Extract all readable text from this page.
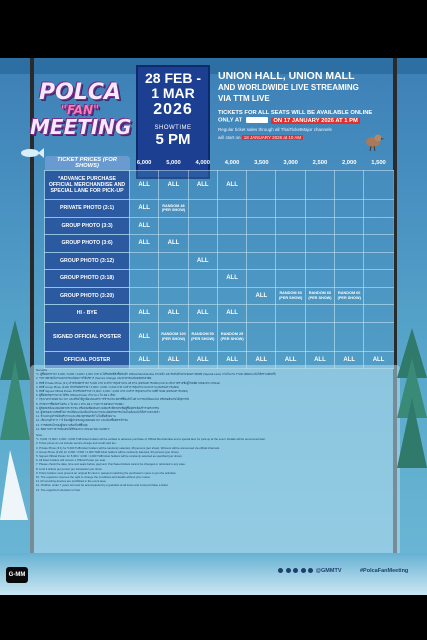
POLCA
"FAN"
MEETING
28 FEB -
1 MAR
2026
SHOWTIME
5 PM
UNION HALL, UNION MALL
AND WORLDWIDE LIVE STREAMING
VIA TTM LIVE
TICKETS FOR ALL SEATS WILL BE AVAILABLE ONLINE
ONLY AT	ON 17 JANUARY 2026 AT 1 PM
Regular ticket sales through all ThaiTicketMajor channels
will start on 18 JANUARY 2026 at 10 AM
TICKET PRICES (FOR SHOWS)	6,000	5,000	4,000	4,000	3,500	3,000	2,500	2,000	1,500
*ADVANCE PURCHASE OFFICIAL MERCHANDISE AND SPECIAL LANE FOR PICK-UP	ALL	ALL	ALL	ALL					
PRIVATE PHOTO (3:1)	ALL	RANDOM 48 (PER SHOW)							

GROUP PHOTO (3:3)	ALL								
GROUP PHOTO (3:6)	ALL	ALL							
GROUP PHOTO (3:12)			ALL						
GROUP PHOTO (3:18)				ALL					
GROUP PHOTO (3:20)					ALL	RANDOM 60 (PER SHOW)	RANDOM 60 (PER SHOW)	RANDOM 60 (PER SHOW)	

HI - BYE	ALL	ALL	ALL	ALL					
SIGNED OFFICIAL POSTER	ALL	RANDOM 100 (PER SHOW)	RANDOM 50 (PER SHOW)	RANDOM 25 (PER SHOW)					

OFFICIAL POSTER	ALL	ALL	ALL	ALL	ALL	ALL	ALL	ALL	ALL
Remarks
*1. ผู้ซื้อบัตรราคา 6,000 / 5,000 / 4,000 / 4,000 บาท จะได้รับสิทธิ์สั่งซื้อสินค้า Official Merchandise ล่วงหน้า และรับสินค้าผ่านช่องทางพิเศษ (Special Lane) ภายในงาน รายละเอียดจะแจ้งให้ทราบอีกครั้ง
2. ราคาบัตรยังไม่รวมค่าธรรมเนียมการให้บริการ (Service Charge) และค่าธรรมเนียมบัตรเครดิต
3. สิทธิ์ Private Photo (3:1) สำหรับบัตรราคา 5,000 บาท จะทำการสุ่มจำนวน 48 ท่าน (ต่อรอบการแสดง) และจะประกาศรายชื่อผู้โชคดีผ่านช่องทาง Official
4. สิทธิ์ Group Photo (3:20) สำหรับบัตรราคา 3,000 / 2,500 / 2,000 บาท จะทำการสุ่มจำนวน 60 ท่าน (ต่อรอบการแสดง)
5. สิทธิ์ Signed Official Poster สำหรับบัตรราคา 5,000 / 4,000 / 4,000 บาท จะทำการสุ่มตามจำนวนที่กำหนด (ต่อรอบการแสดง)
6. ผู้ซื้อบัตรทุกราคาจะได้รับ Official Poster จำนวน 1 ใบ ต่อ 1 ที่นั่ง
7. กรุณาตรวจสอบวัน เวลา และที่นั่งให้ถูกต้องก่อนทำการชำระเงิน บัตรที่ซื้อแล้วไม่สามารถเปลี่ยนแปลง หรือขอคืนเงินได้ทุกกรณี
8. จำกัดการซื้อบัตรไม่เกิน 4 ใบ ต่อ 1 ท่าน ต่อ 1 รายการ ต่อรอบการแสดง
9. ผู้ถือบัตรต้องแสดงบัตรประชาชน หรือหนังสือเดินทางฉบับจริงที่ตรงกับชื่อผู้ซื้อบัตรเพื่อเข้าร่วมกิจกรรม
10. ผู้จัดขอสงวนสิทธิ์ในการเปลี่ยนแปลงเงื่อนไขและรายละเอียดกิจกรรมโดยไม่ต้องแจ้งให้ทราบล่วงหน้า
11. ห้ามนำอุปกรณ์บันทึกภาพและเสียงทุกชนิดเข้าไปในพื้นที่จัดงาน
12. เด็กอายุต่ำกว่า 7 ปี ต้องมีผู้ปกครองดูแลตลอดเวลา และต้องซื้อบัตรเข้าชม
13. การตัดสินใจของผู้จัดงานถือเป็นที่สิ้นสุด
14. ติดตามข่าวสารเพิ่มเติมได้ที่ช่องทาง Official ของ GMMTV
Note :
*1. 6,000 / 5,000 / 4,000 / 4,000 THB ticket holders will be entitled to advance purchase of Official Merchandise and a special lane for pick-up at the event. Details will be announced later.
2. Ticket prices do not include service charge and credit card fee.
3. Private Photo (3:1) for 5,000 THB ticket holders will be randomly selected, 48 persons (per show). Winners will be announced via official channels.
4. Group Photo (3:20) for 3,000 / 2,500 / 2,000 THB ticket holders will be randomly selected, 60 persons (per show).
5. Signed Official Poster for 5,000 / 4,000 / 4,000 THB ticket holders will be randomly selected as specified (per show).
6. All ticket holders will receive 1 Official Poster per seat.
7. Please check the date, time and seats before payment. Purchased tickets cannot be changed or refunded in any case.
8. Limit 4 tickets per person per transaction per show.
9. Ticket holders must present an original ID card or passport matching the purchaser's name to join the activities.
10. The organizer reserves the right to change the conditions and details without prior notice.
11. All recording devices are prohibited in the event area.
12. Children under 7 years old must be accompanied by a guardian at all times and must purchase a ticket.
13. The organizer's decision is final.
G-MM
@GMMTV	#PolcaFanMeeting
